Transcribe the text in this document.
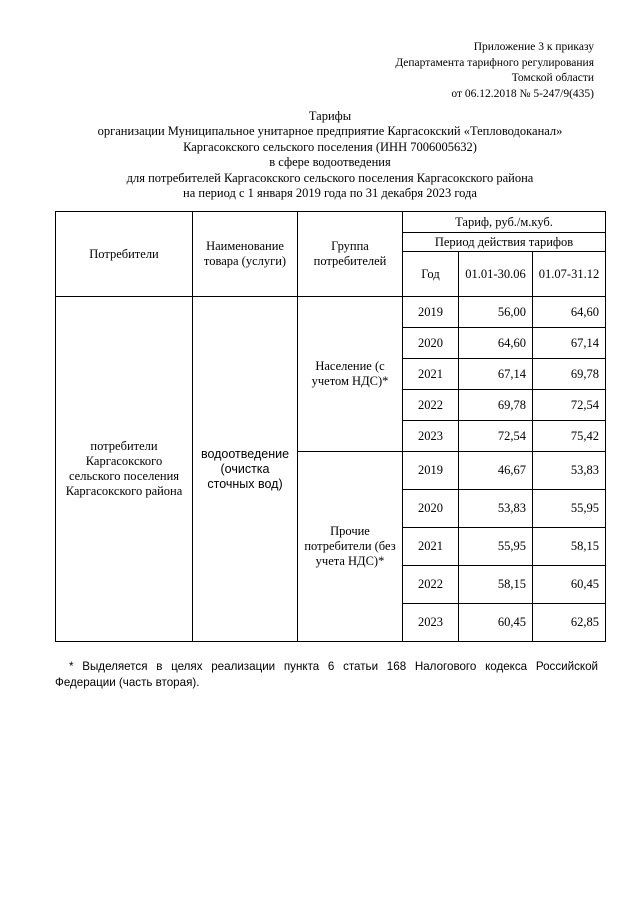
Приложение 3 к приказу
Департамента тарифного регулирования
Томской области
от 06.12.2018 № 5-247/9(435)
Тарифы
организации Муниципальное унитарное предприятие Каргасокский «Тепловодоканал»
Каргасокского сельского поселения (ИНН 7006005632)
в сфере водоотведения
для потребителей Каргасокского сельского поселения Каргасокского района
на период с 1 января 2019 года по 31 декабря 2023 года
Потребители	Наименование товара (услуги)	Группа потребителей	Тариф, руб./м.куб.		
			Период действия тарифов		
			Год	01.01-30.06	01.07-31.12
потребители Каргасокского сельского поселения Каргасокского района	водоотведение (очистка сточных вод)	Население (с учетом НДС)*	2019	56,00	64,60
			2020	64,60	67,14
			2021	67,14	69,78
			2022	69,78	72,54
			2023	72,54	75,42
		Прочие потребители (без учета НДС)*	2019	46,67	53,83
			2020	53,83	55,95
			2021	55,95	58,15
			2022	58,15	60,45
			2023	60,45	62,85
* Выделяется в целях реализации пункта 6 статьи 168 Налогового кодекса Российской Федерации (часть вторая).
